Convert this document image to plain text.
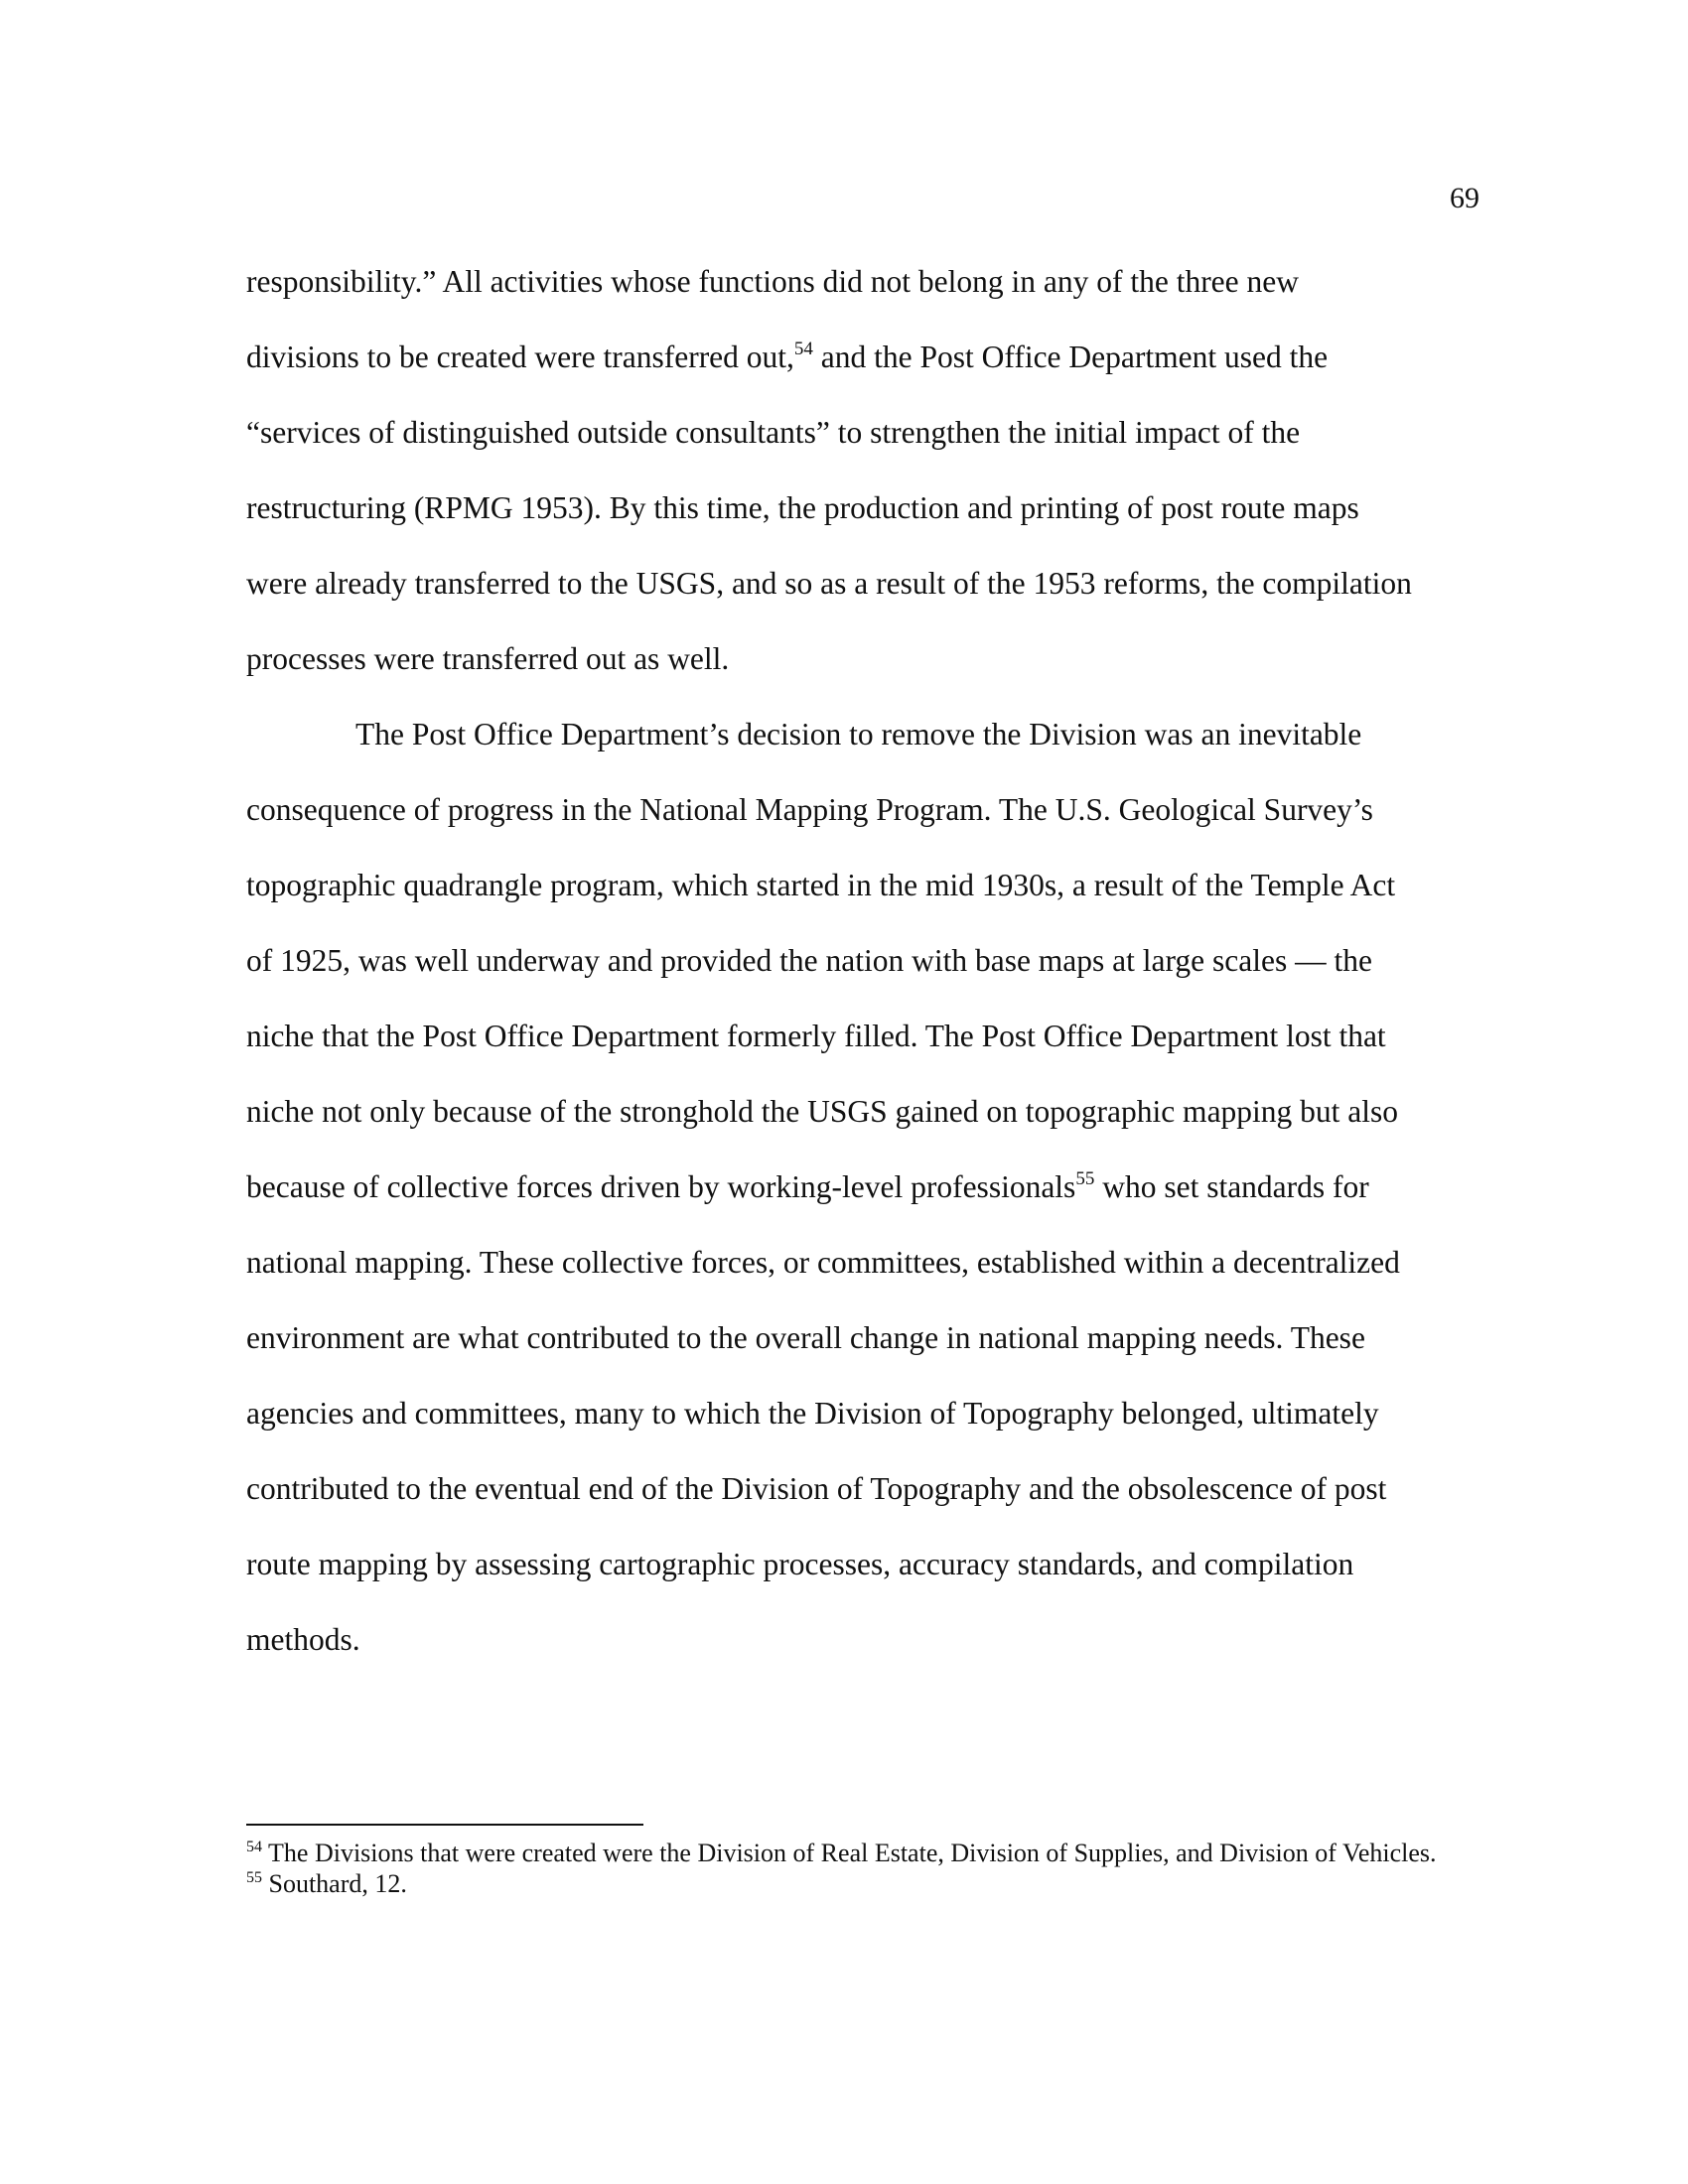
69

responsibility.” All activities whose functions did not belong in any of the three new
divisions to be created were transferred out,$^{54}$ and the Post Office Department used the
“services of distinguished outside consultants” to strengthen the initial impact of the
restructuring (RPMG 1953). By this time, the production and printing of post route maps
were already transferred to the USGS, and so as a result of the 1953 reforms, the compilation
processes were transferred out as well.

The Post Office Department’s decision to remove the Division was an inevitable
consequence of progress in the National Mapping Program. The U.S. Geological Survey’s
topographic quadrangle program, which started in the mid 1930s, a result of the Temple Act
of 1925, was well underway and provided the nation with base maps at large scales — the
niche that the Post Office Department formerly filled. The Post Office Department lost that
niche not only because of the stronghold the USGS gained on topographic mapping but also
because of collective forces driven by working-level professionals$^{55}$ who set standards for
national mapping. These collective forces, or committees, established within a decentralized
environment are what contributed to the overall change in national mapping needs. These
agencies and committees, many to which the Division of Topography belonged, ultimately
contributed to the eventual end of the Division of Topography and the obsolescence of post
route mapping by assessing cartographic processes, accuracy standards, and compilation
methods.

$^{54}$ The Divisions that were created were the Division of Real Estate, Division of Supplies, and Division of Vehicles.

$^{55}$ Southard, 12.
